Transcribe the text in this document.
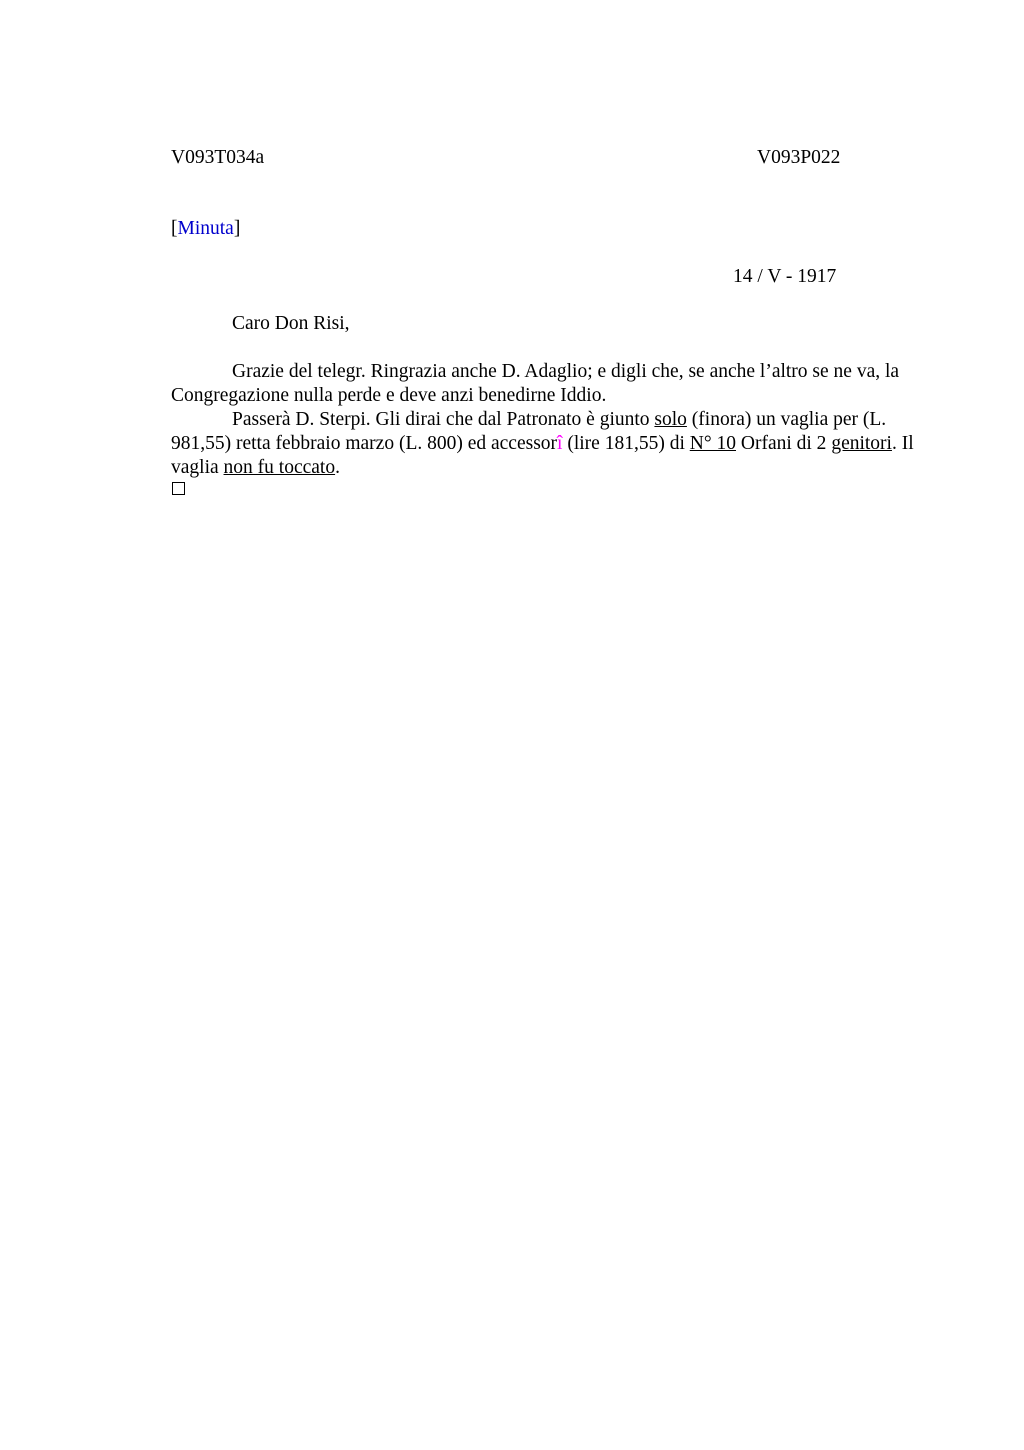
V093T034a	V093P022
[Minuta]
14 / V - 1917
Caro Don Risi,

Grazie del telegr. Ringrazia anche D. Adaglio; e digli che, se anche l’altro se ne va, la Congregazione nulla perde e deve anzi benedirne Iddio.

Passerà D. Sterpi. Gli dirai che dal Patronato è giunto solo (finora) un vaglia per (L. 981,55) retta febbraio marzo (L. 800) ed accessorî (lire 181,55) di N° 10 Orfani di 2 genitori. Il vaglia non fu toccato.
